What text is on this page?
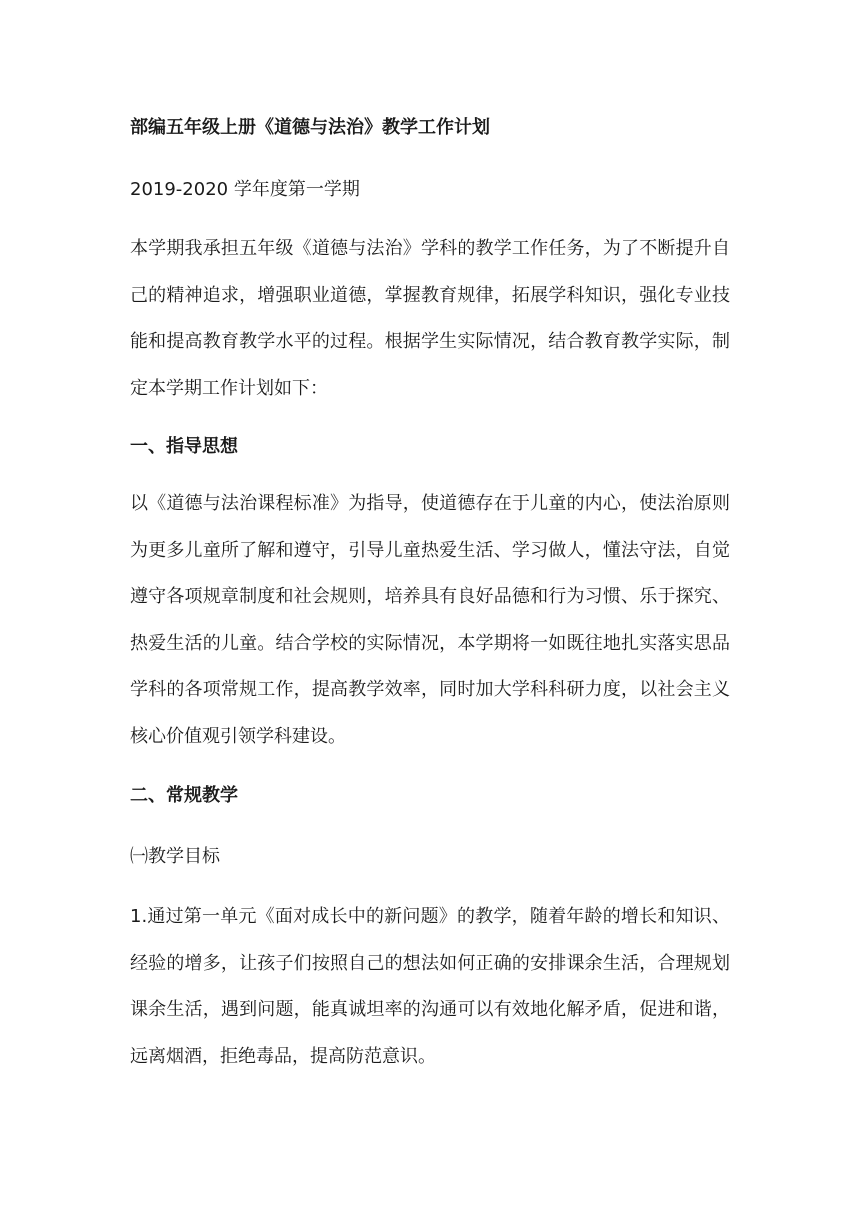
部编五年级上册《道德与法治》教学工作计划
2019-2020 学年度第一学期
本学期我承担五年级《道德与法治》学科的教学工作任务，为了不断提升自己的精神追求，增强职业道德，掌握教育规律，拓展学科知识，强化专业技能和提高教育教学水平的过程。根据学生实际情况，结合教育教学实际，制定本学期工作计划如下：
一、指导思想
以《道德与法治课程标准》为指导，使道德存在于儿童的内心，使法治原则为更多儿童所了解和遵守，引导儿童热爱生活、学习做人，懂法守法，自觉遵守各项规章制度和社会规则，培养具有良好品德和行为习惯、乐于探究、热爱生活的儿童。结合学校的实际情况，本学期将一如既往地扎实落实思品学科的各项常规工作，提高教学效率，同时加大学科科研力度，以社会主义核心价值观引领学科建设。
二、常规教学
㈠教学目标
1.通过第一单元《面对成长中的新问题》的教学，随着年龄的增长和知识、经验的增多，让孩子们按照自己的想法如何正确的安排课余生活，合理规划课余生活，遇到问题，能真诚坦率的沟通可以有效地化解矛盾，促进和谐，远离烟酒，拒绝毒品，提高防范意识。
